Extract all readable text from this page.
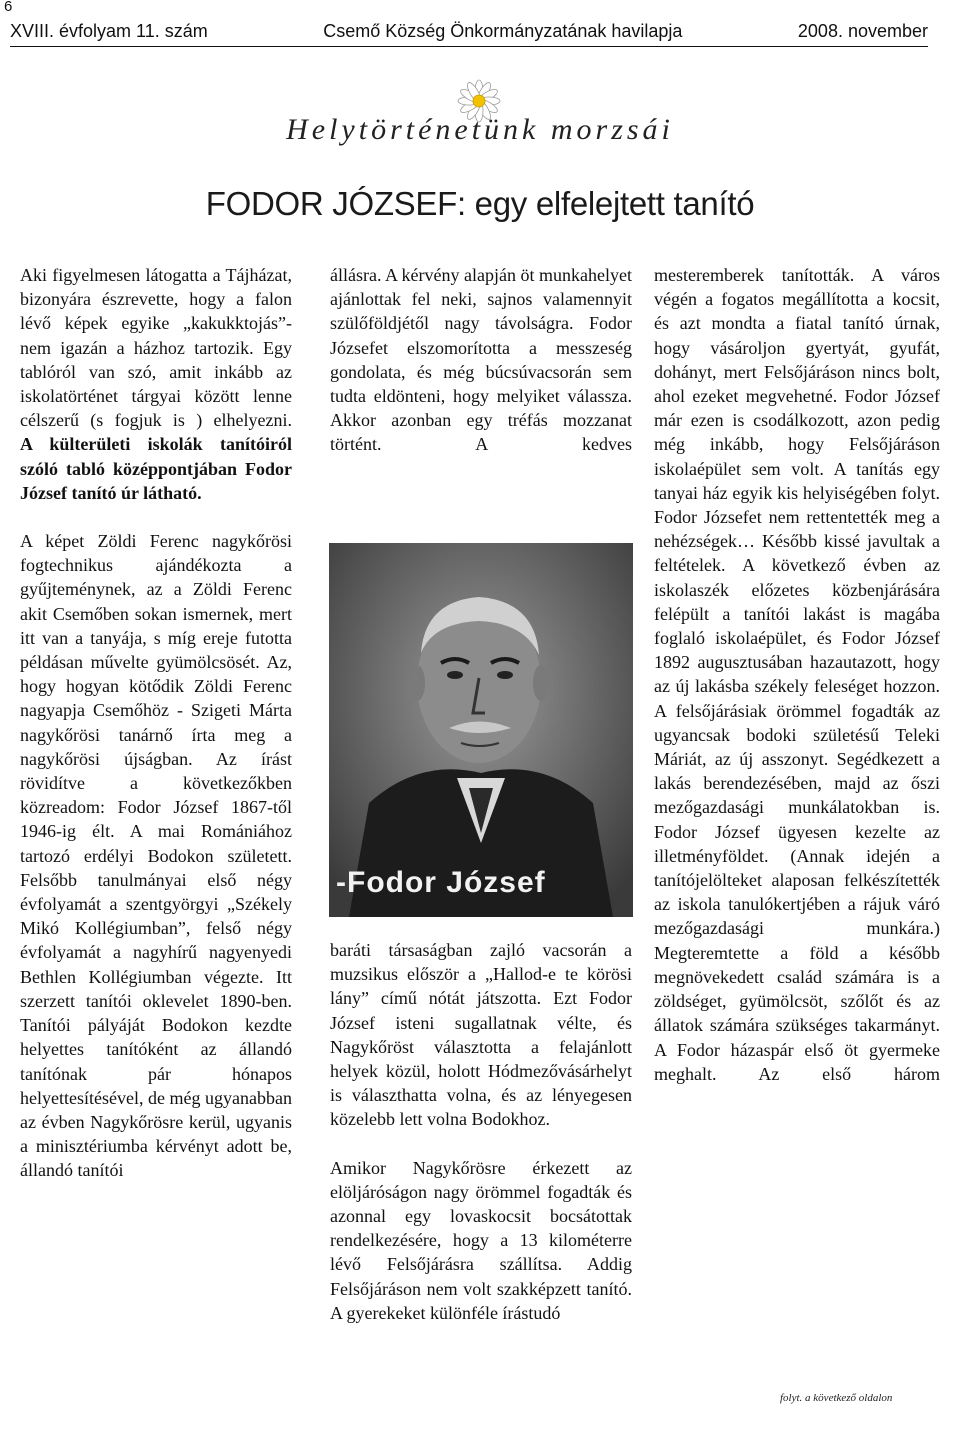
6
XVIII. évfolyam 11. szám	Csemő Község Önkormányzatának havilapja	2008. november
Helytörténetünk morzsái
FODOR JÓZSEF: egy elfelejtett tanító

Aki figyelmesen látogatta a Tájházat, bizonyára észrevette, hogy a falon lévő képek egyike „kakukktojás”- nem igazán a házhoz tartozik. Egy tablóról van szó, amit inkább az iskolatörténet tárgyai között lenne célszerű (s fogjuk is ) elhelyezni.

A külterületi iskolák tanítóiról szóló tabló középpontjában Fodor József tanító úr látható.

A képet Zöldi Ferenc nagykőrösi fogtechnikus ajándékozta a gyűjteménynek, az a Zöldi Ferenc akit Csemőben sokan ismernek, mert itt van a tanyája, s míg ereje futotta példásan művelte gyümölcsösét. Az, hogy hogyan kötődik Zöldi Ferenc nagyapja Csemőhöz - Szigeti Márta nagykőrösi tanárnő írta meg a nagykőrösi újságban. Az írást rövidítve a következőkben közreadom: Fodor József 1867-től 1946-ig élt. A mai Romániához tartozó erdélyi Bodokon született. Felsőbb tanulmányai első négy évfolyamát a szentgyörgyi „Székely Mikó Kollégiumban”, felső négy évfolyamát a nagyhírű nagyenyedi Bethlen Kollégiumban végezte. Itt szerzett tanítói oklevelet 1890-ben. Tanítói pályáját Bodokon kezdte helyettes tanítóként az állandó tanítónak pár hónapos helyettesítésével, de még ugyanabban az évben Nagykőrösre kerül, ugyanis a minisztériumba kérvényt adott be, állandó tanítói

állásra. A kérvény alapján öt munkahelyet ajánlottak fel neki, sajnos valamennyit szülőföldjétől nagy távolságra. Fodor Józsefet elszomorította a messzeség gondolata, és még búcsúvacsorán sem tudta eldönteni, hogy melyiket válassza. Akkor azonban egy tréfás mozzanat történt. A kedves

-Fodor József

baráti társaságban zajló vacsorán a muzsikus először a „Hallod-e te körösi lány” című nótát játszotta. Ezt Fodor József isteni sugallatnak vélte, és Nagykőröst választotta a felajánlott helyek közül, holott Hódmezővásárhelyt is választhatta volna, és az lényegesen közelebb lett volna Bodokhoz.

Amikor Nagykőrösre érkezett az elöljáróságon nagy örömmel fogadták és azonnal egy lovaskocsit bocsátottak rendelkezésére, hogy a 13 kilométerre lévő Felsőjárásra szállítsa. Addig Felsőjáráson nem volt szakképzett tanító. A gyerekeket különféle írástudó

mesteremberek tanították. A város végén a fogatos megállította a kocsit, és azt mondta a fiatal tanító úrnak, hogy vásároljon gyertyát, gyufát, dohányt, mert Felsőjáráson nincs bolt, ahol ezeket megvehetné. Fodor József már ezen is csodálkozott, azon pedig még inkább, hogy Felsőjáráson iskolaépület sem volt. A tanítás egy tanyai ház egyik kis helyiségében folyt. Fodor Józsefet nem rettentették meg a nehézségek… Később kissé javultak a feltételek. A következő évben az iskolaszék előzetes közbenjárására felépült a tanítói lakást is magába foglaló iskolaépület, és Fodor József 1892 augusztusában hazautazott, hogy az új lakásba székely feleséget hozzon. A felsőjárásiak örömmel fogadták az ugyancsak bodoki születésű Teleki Máriát, az új asszonyt. Segédkezett a lakás berendezésében, majd az őszi mezőgazdasági munkálatokban is. Fodor József ügyesen kezelte az illetményföldet. (Annak idején a tanítójelölteket alaposan felkészítették az iskola tanulókertjében a rájuk váró mezőgazdasági munkára.) Megteremtette a föld a később megnövekedett család számára is a zöldséget, gyümölcsöt, szőlőt és az állatok számára szükséges takarmányt. A Fodor házaspár első öt gyermeke meghalt. Az első három

folyt. a következő oldalon
